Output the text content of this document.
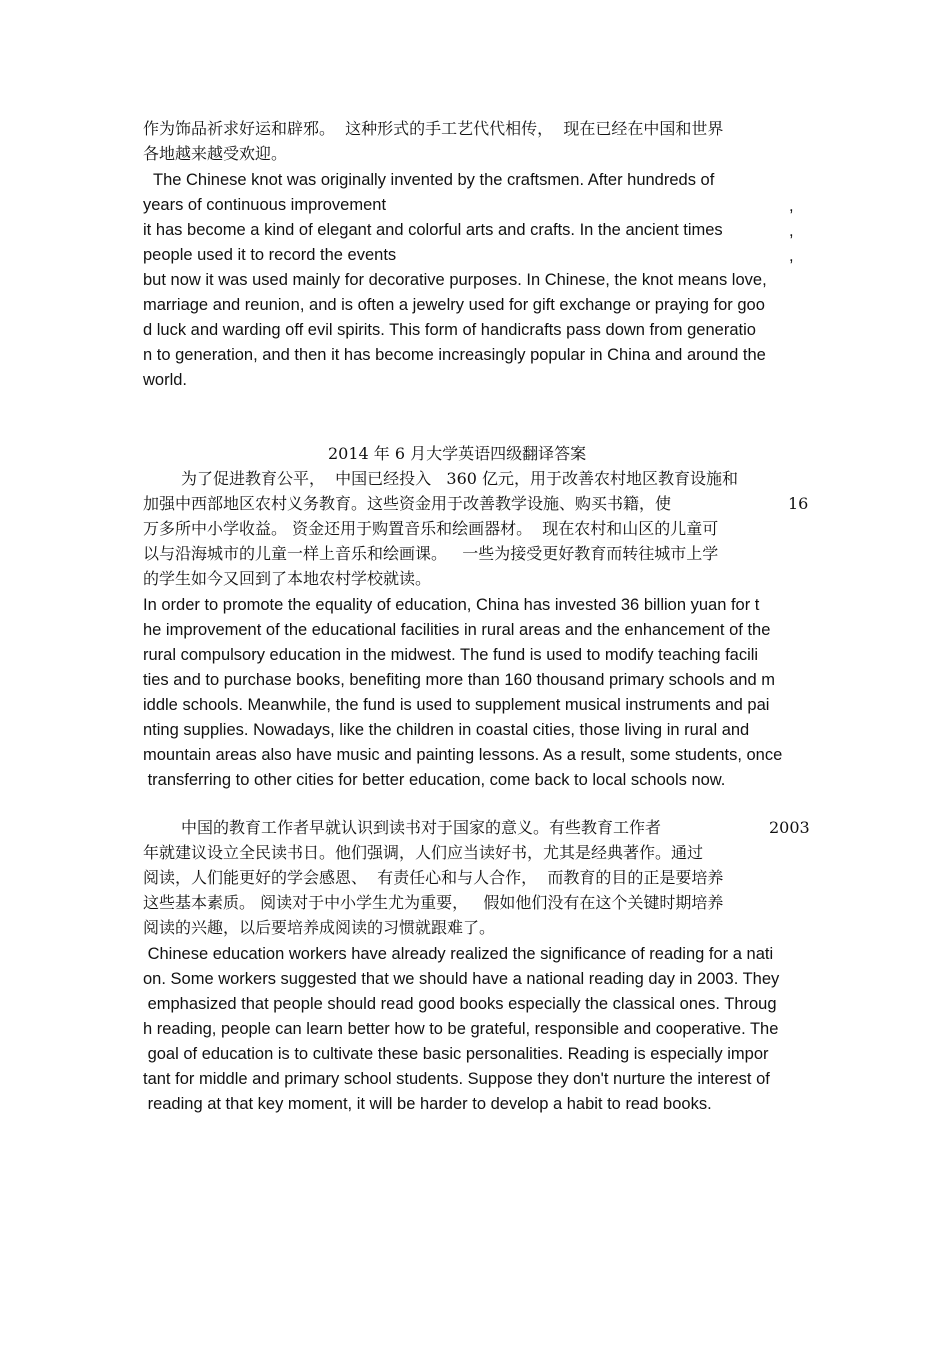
作为饰品祈求好运和辟邪。  这种形式的手工艺代代相传，  现在已经在中国和世界
各地越来越受欢迎。
The Chinese knot was originally invented by the craftsmen. After hundreds of
years of continuous improvement	,
it has become a kind of elegant and colorful arts and crafts. In the ancient times	,
people used it to record the events	,
but now it was used mainly for decorative purposes. In Chinese, the knot means love,
marriage and reunion, and is often a jewelry used for gift exchange or praying for goo
d luck and warding off evil spirits. This form of handicrafts pass down from generatio
n to generation, and then it has become increasingly popular in China and around the
world.
2014 年 6 月大学英语四级翻译答案
为了促进教育公平，  中国已经投入   360 亿元，用于改善农村地区教育设施和
加强中西部地区农村义务教育。这些资金用于改善教学设施、购买书籍，使	16
万多所中小学收益。 资金还用于购置音乐和绘画器材。  现在农村和山区的儿童可
以与沿海城市的儿童一样上音乐和绘画课。   一些为接受更好教育而转往城市上学
的学生如今又回到了本地农村学校就读。
In order to promote the equality of education, China has invested 36 billion yuan for t
he improvement of the educational facilities in rural areas and the enhancement of the
rural compulsory education in the midwest. The fund is used to modify teaching facili
ties and to purchase books, benefiting more than 160 thousand primary schools and m
iddle schools. Meanwhile, the fund is used to supplement musical instruments and pai
nting supplies. Nowadays, like the children in coastal cities, those living in rural and
mountain areas also have music and painting lessons. As a result, some students, once
transferring to other cities for better education, come back to local schools now.
中国的教育工作者早就认识到读书对于国家的意义。有些教育工作者	2003
年就建议设立全民读书日。他们强调，人们应当读好书，尤其是经典著作。通过
阅读，人们能更好的学会感恩、  有责任心和与人合作，  而教育的目的正是要培养
这些基本素质。 阅读对于中小学生尤为重要，   假如他们没有在这个关键时期培养
阅读的兴趣，以后要培养成阅读的习惯就跟难了。
Chinese education workers have already realized the significance of reading for a nati
on. Some workers suggested that we should have a national reading day in 2003. They
emphasized that people should read good books especially the classical ones. Throug
h reading, people can learn better how to be grateful, responsible and cooperative. The
goal of education is to cultivate these basic personalities. Reading is especially impor
tant for middle and primary school students. Suppose they don't nurture the interest of
reading at that key moment, it will be harder to develop a habit to read books.
